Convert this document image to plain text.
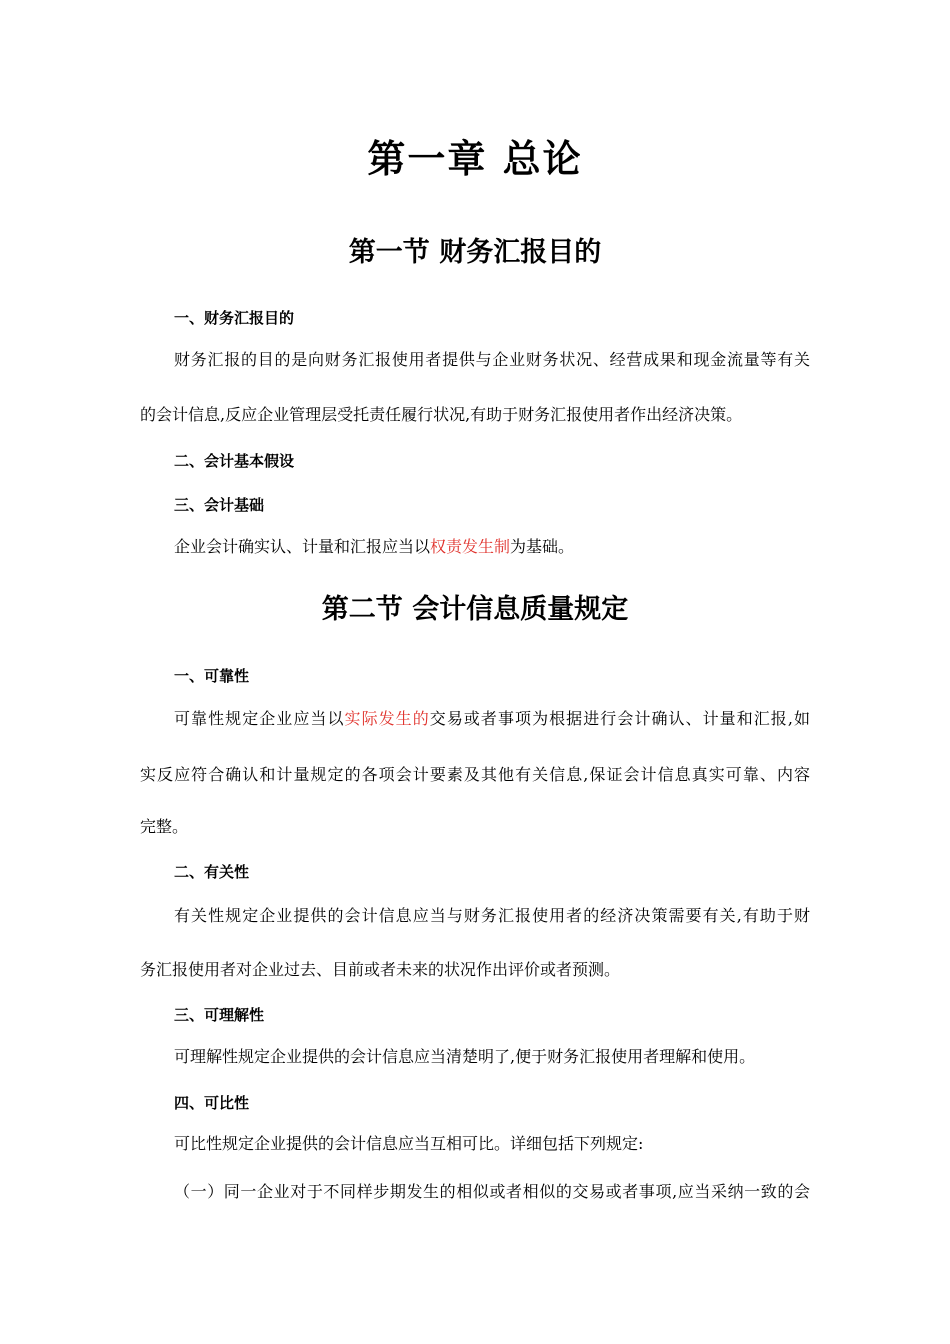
第一章 总论
第一节 财务汇报目的
一、财务汇报目的
财务汇报的目的是向财务汇报使用者提供与企业财务状况、经营成果和现金流量等有关
的会计信息,反应企业管理层受托责任履行状况,有助于财务汇报使用者作出经济决策。
二、会计基本假设
三、会计基础
企业会计确实认、计量和汇报应当以权责发生制为基础。
第二节 会计信息质量规定
一、可靠性
可靠性规定企业应当以实际发生的交易或者事项为根据进行会计确认、计量和汇报,如
实反应符合确认和计量规定的各项会计要素及其他有关信息,保证会计信息真实可靠、内容
完整。
二、有关性
有关性规定企业提供的会计信息应当与财务汇报使用者的经济决策需要有关,有助于财
务汇报使用者对企业过去、目前或者未来的状况作出评价或者预测。
三、可理解性
可理解性规定企业提供的会计信息应当清楚明了,便于财务汇报使用者理解和使用。
四、可比性
可比性规定企业提供的会计信息应当互相可比。详细包括下列规定:
（一）同一企业对于不同样步期发生的相似或者相似的交易或者事项,应当采纳一致的会
